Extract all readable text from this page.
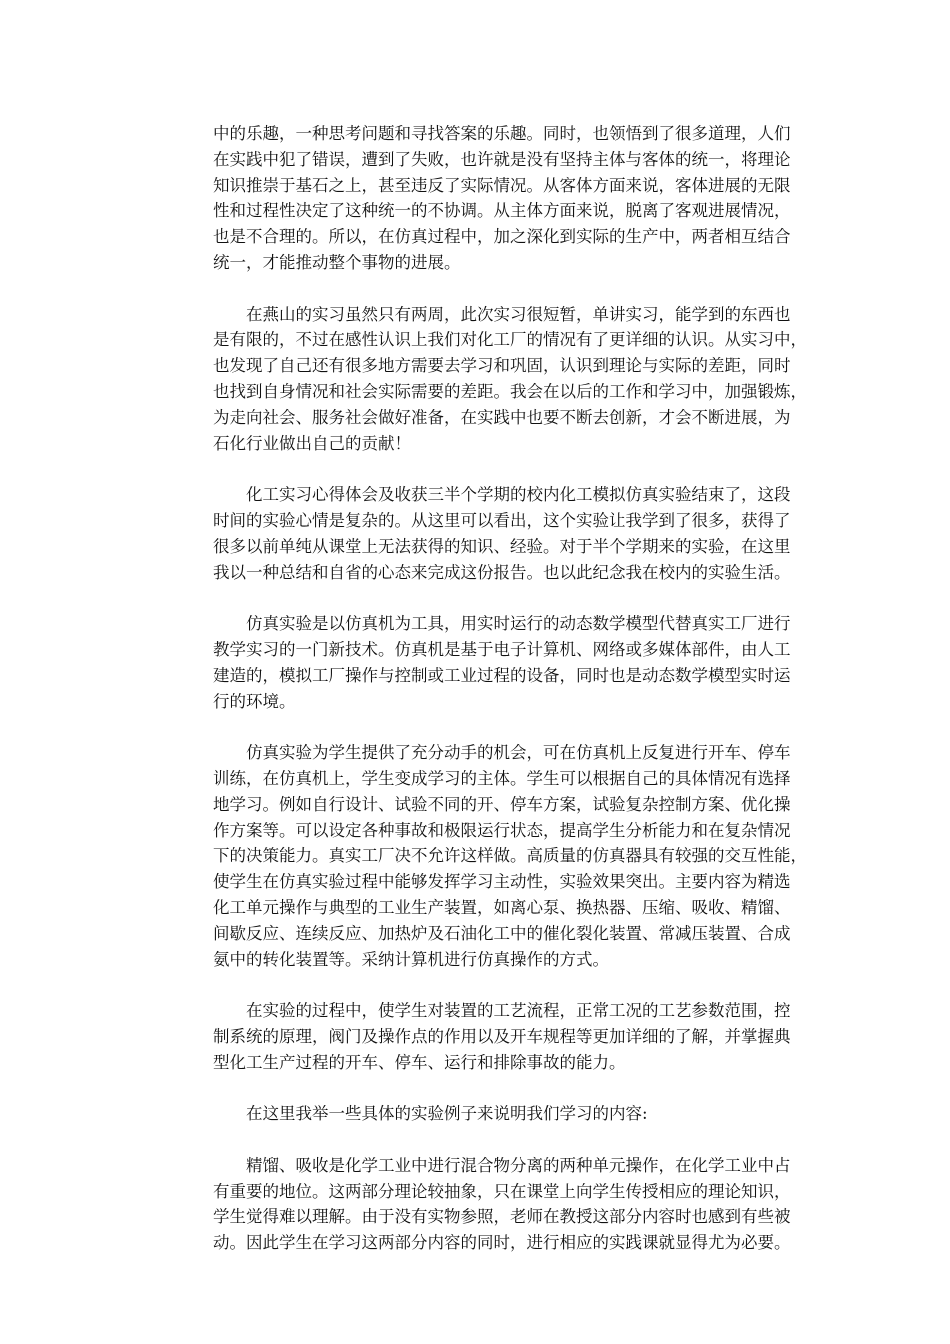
中的乐趣，一种思考问题和寻找答案的乐趣。同时，也领悟到了很多道理，人们
在实践中犯了错误，遭到了失败，也许就是没有坚持主体与客体的统一，将理论
知识推崇于基石之上，甚至违反了实际情况。从客体方面来说，客体进展的无限
性和过程性决定了这种统一的不协调。从主体方面来说，脱离了客观进展情况，
也是不合理的。所以，在仿真过程中，加之深化到实际的生产中，两者相互结合
统一，才能推动整个事物的进展。
在燕山的实习虽然只有两周，此次实习很短暂，单讲实习，能学到的东西也
是有限的，不过在感性认识上我们对化工厂的情况有了更详细的认识。从实习中，
也发现了自己还有很多地方需要去学习和巩固，认识到理论与实际的差距，同时
也找到自身情况和社会实际需要的差距。我会在以后的工作和学习中，加强锻炼，
为走向社会、服务社会做好准备，在实践中也要不断去创新，才会不断进展，为
石化行业做出自己的贡献！
化工实习心得体会及收获三半个学期的校内化工模拟仿真实验结束了，这段
时间的实验心情是复杂的。从这里可以看出，这个实验让我学到了很多，获得了
很多以前单纯从课堂上无法获得的知识、经验。对于半个学期来的实验，在这里
我以一种总结和自省的心态来完成这份报告。也以此纪念我在校内的实验生活。
仿真实验是以仿真机为工具，用实时运行的动态数学模型代替真实工厂进行
教学实习的一门新技术。仿真机是基于电子计算机、网络或多媒体部件，由人工
建造的，模拟工厂操作与控制或工业过程的设备，同时也是动态数学模型实时运
行的环境。
仿真实验为学生提供了充分动手的机会，可在仿真机上反复进行开车、停车
训练，在仿真机上，学生变成学习的主体。学生可以根据自己的具体情况有选择
地学习。例如自行设计、试验不同的开、停车方案，试验复杂控制方案、优化操
作方案等。可以设定各种事故和极限运行状态，提高学生分析能力和在复杂情况
下的决策能力。真实工厂决不允许这样做。高质量的仿真器具有较强的交互性能，
使学生在仿真实验过程中能够发挥学习主动性，实验效果突出。主要内容为精选
化工单元操作与典型的工业生产装置，如离心泵、换热器、压缩、吸收、精馏、
间歇反应、连续反应、加热炉及石油化工中的催化裂化装置、常减压装置、合成
氨中的转化装置等。采纳计算机进行仿真操作的方式。
在实验的过程中，使学生对装置的工艺流程，正常工况的工艺参数范围，控
制系统的原理，阀门及操作点的作用以及开车规程等更加详细的了解，并掌握典
型化工生产过程的开车、停车、运行和排除事故的能力。
在这里我举一些具体的实验例子来说明我们学习的内容:
精馏、吸收是化学工业中进行混合物分离的两种单元操作，在化学工业中占
有重要的地位。这两部分理论较抽象，只在课堂上向学生传授相应的理论知识，
学生觉得难以理解。由于没有实物参照，老师在教授这部分内容时也感到有些被
动。因此学生在学习这两部分内容的同时，进行相应的实践课就显得尤为必要。
